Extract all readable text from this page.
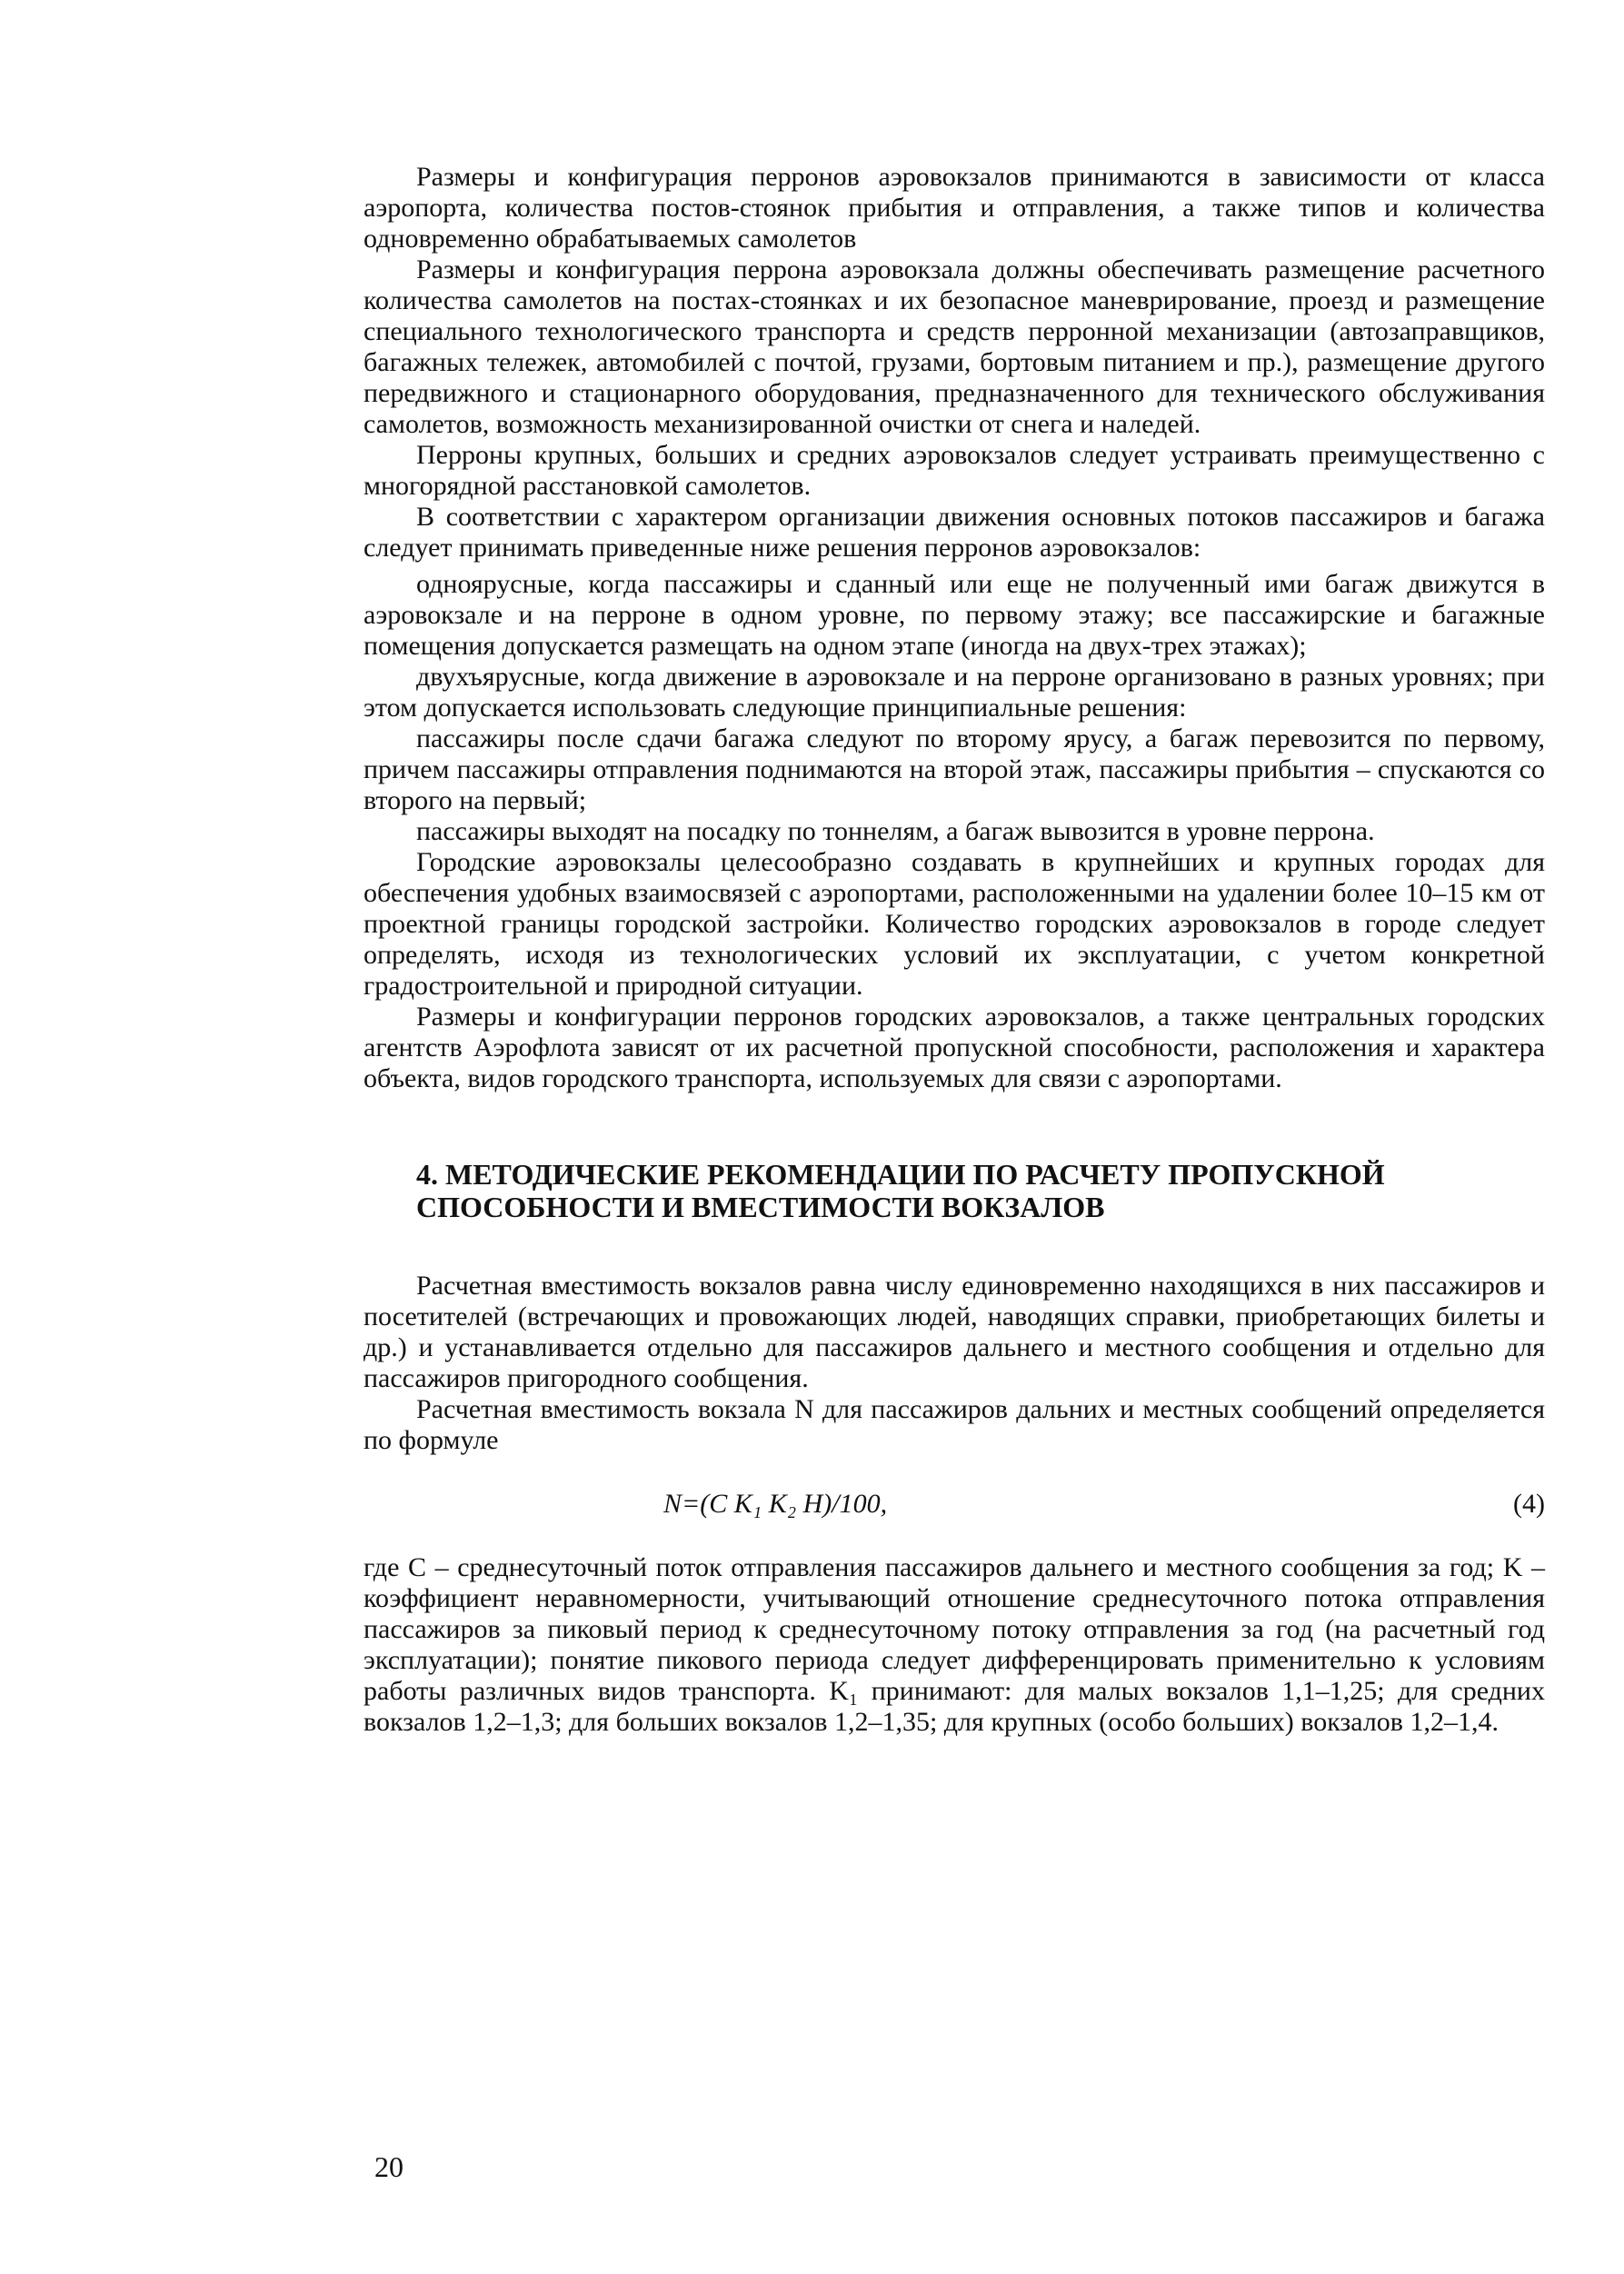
Размеры и конфигурация перронов аэровокзалов принимаются в зависимости от класса аэропорта, количества постов-стоянок прибытия и отправления, а также типов и количества одновременно обрабатываемых самолетов

Размеры и конфигурация перрона аэровокзала должны обеспечивать размещение расчетного количества самолетов на постах-стоянках и их безопасное маневрирование, проезд и размещение специального технологического транспорта и средств перронной механизации (автозаправщиков, багажных тележек, автомобилей с почтой, грузами, бортовым питанием и пр.), размещение другого передвижного и стационарного оборудования, предназначенного для технического обслуживания самолетов, возможность механизированной очистки от снега и наледей.

Перроны крупных, больших и средних аэровокзалов следует устраивать преимущественно с многорядной расстановкой самолетов.

В соответствии с характером организации движения основных потоков пассажиров и багажа следует принимать приведенные ниже решения перронов аэровокзалов:

одноярусные, когда пассажиры и сданный или еще не полученный ими багаж движутся в аэровокзале и на перроне в одном уровне, по первому этажу; все пассажирские и багажные помещения допускается размещать на одном этапе (иногда на двух-трех этажах);

двухъярусные, когда движение в аэровокзале и на перроне организовано в разных уровнях; при этом допускается использовать следующие принципиальные решения:

пассажиры после сдачи багажа следуют по второму ярусу, а багаж перевозится по первому, причем пассажиры отправления поднимаются на второй этаж, пассажиры прибытия – спускаются со второго на первый;

пассажиры выходят на посадку по тоннелям, а багаж вывозится в уровне перрона.

Городские аэровокзалы целесообразно создавать в крупнейших и крупных городах для обеспечения удобных взаимосвязей с аэропортами, расположенными на удалении более 10–15 км от проектной границы городской застройки. Количество городских аэровокзалов в городе следует определять, исходя из технологических условий их эксплуатации, с учетом конкретной градостроительной и природной ситуации.

Размеры и конфигурации перронов городских аэровокзалов, а также центральных городских агентств Аэрофлота зависят от их расчетной пропускной способности, расположения и характера объекта, видов городского транспорта, используемых для связи с аэропортами.

4. МЕТОДИЧЕСКИЕ РЕКОМЕНДАЦИИ ПО РАСЧЕТУ ПРОПУСКНОЙ
СПОСОБНОСТИ И ВМЕСТИМОСТИ ВОКЗАЛОВ

Расчетная вместимость вокзалов равна числу единовременно находящихся в них пассажиров и посетителей (встречающих и провожающих людей, наводящих справки, приобретающих билеты и др.) и устанавливается отдельно для пассажиров дальнего и местного сообщения и отдельно для пассажиров пригородного сообщения.

Расчетная вместимость вокзала N для пассажиров дальних и местных сообщений определяется по формуле

N=(C K₁ K₂ H)/100,	(4)

где C – среднесуточный поток отправления пассажиров дальнего и местного сообщения за год; K – коэффициент неравномерности, учитывающий отношение среднесуточного потока отправления пассажиров за пиковый период к среднесуточному потоку отправления за год (на расчетный год эксплуатации); понятие пикового периода следует дифференцировать применительно к условиям работы различных видов транспорта. K₁ принимают: для малых вокзалов 1,1–1,25; для средних вокзалов 1,2–1,3; для больших вокзалов 1,2–1,35; для крупных (особо больших) вокзалов 1,2–1,4.

20
